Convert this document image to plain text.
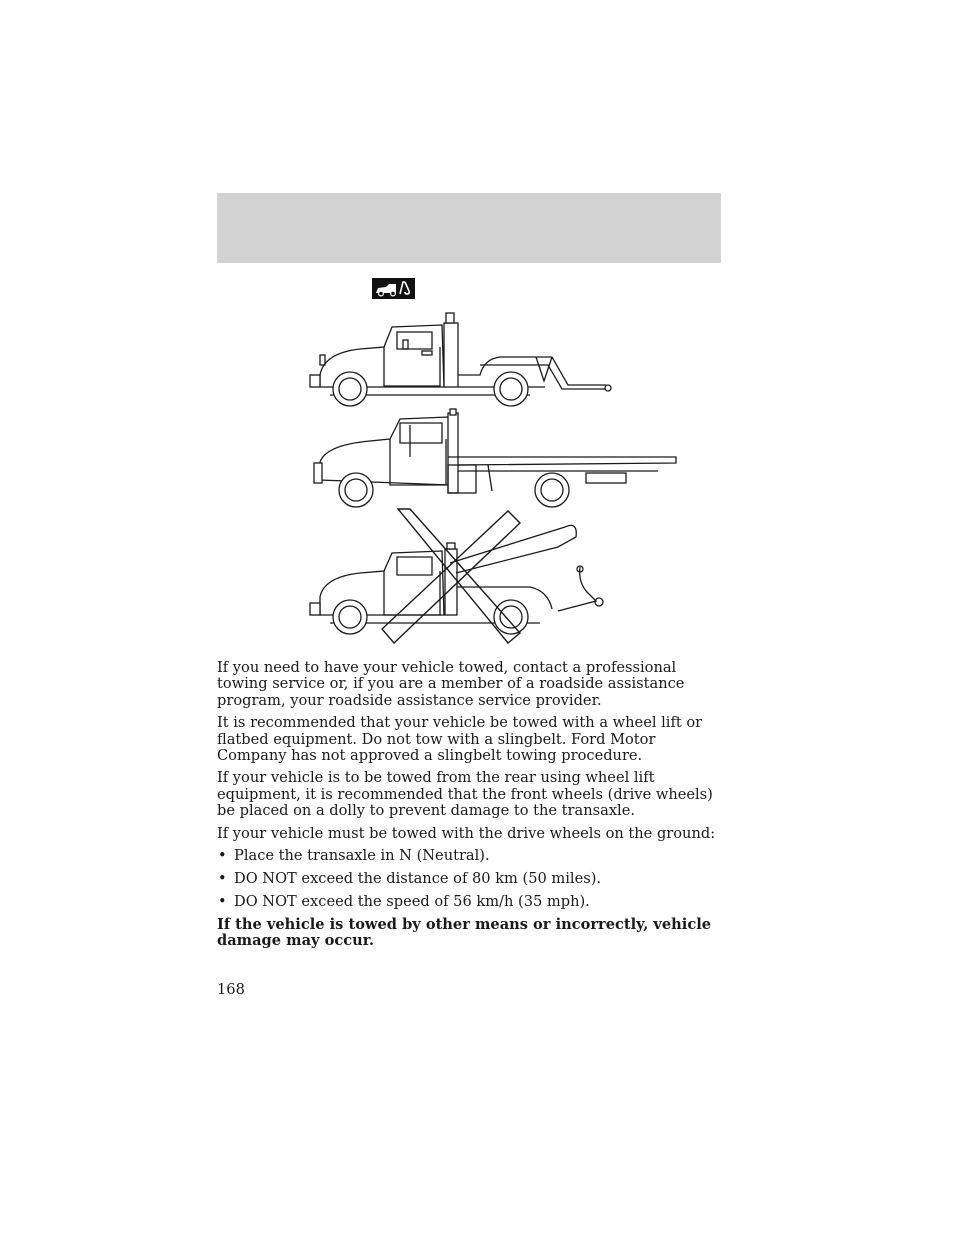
If you need to have your vehicle towed, contact a professional towing service or, if you are a member of a roadside assistance program, your roadside assistance service provider.

It is recommended that your vehicle be towed with a wheel lift or flatbed equipment. Do not tow with a slingbelt. Ford Motor Company has not approved a slingbelt towing procedure.

If your vehicle is to be towed from the rear using wheel lift equipment, it is recommended that the front wheels (drive wheels) be placed on a dolly to prevent damage to the transaxle.

If your vehicle must be towed with the drive wheels on the ground:

• Place the transaxle in N (Neutral).
• DO NOT exceed the distance of 80 km (50 miles).
• DO NOT exceed the speed of 56 km/h (35 mph).

If the vehicle is towed by other means or incorrectly, vehicle damage may occur.

168
